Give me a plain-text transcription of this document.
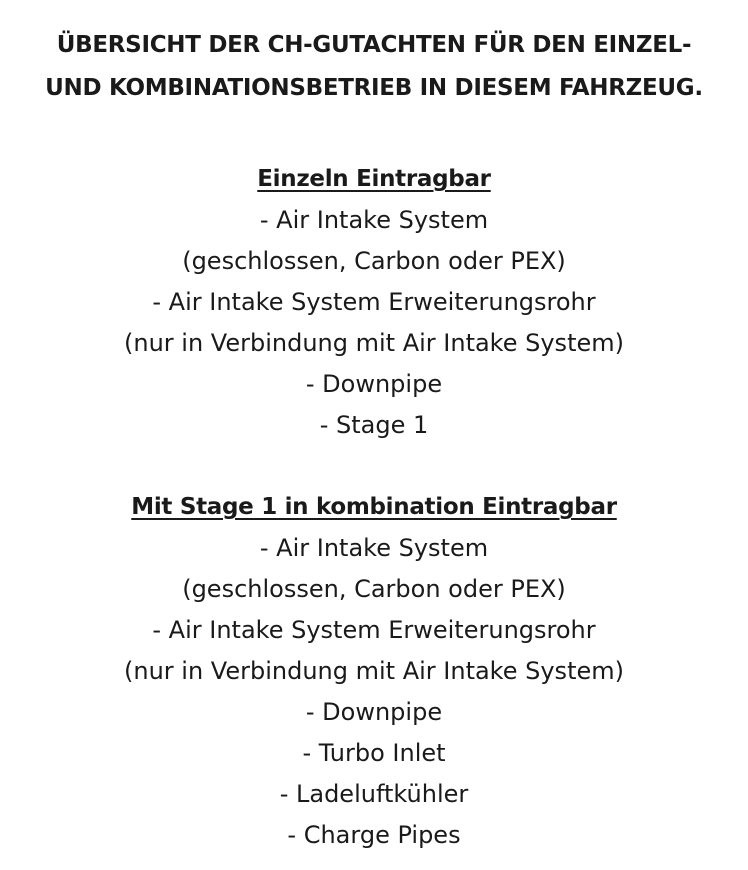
ÜBERSICHT DER CH-GUTACHTEN FÜR DEN EINZEL-
UND KOMBINATIONSBETRIEB IN DIESEM FAHRZEUG.
Einzeln Eintragbar
- Air Intake System
(geschlossen, Carbon oder PEX)
- Air Intake System Erweiterungsrohr
(nur in Verbindung mit Air Intake System)
- Downpipe
- Stage 1
Mit Stage 1 in kombination Eintragbar
- Air Intake System
(geschlossen, Carbon oder PEX)
- Air Intake System Erweiterungsrohr
(nur in Verbindung mit Air Intake System)
- Downpipe
- Turbo Inlet
- Ladeluftkühler
- Charge Pipes
